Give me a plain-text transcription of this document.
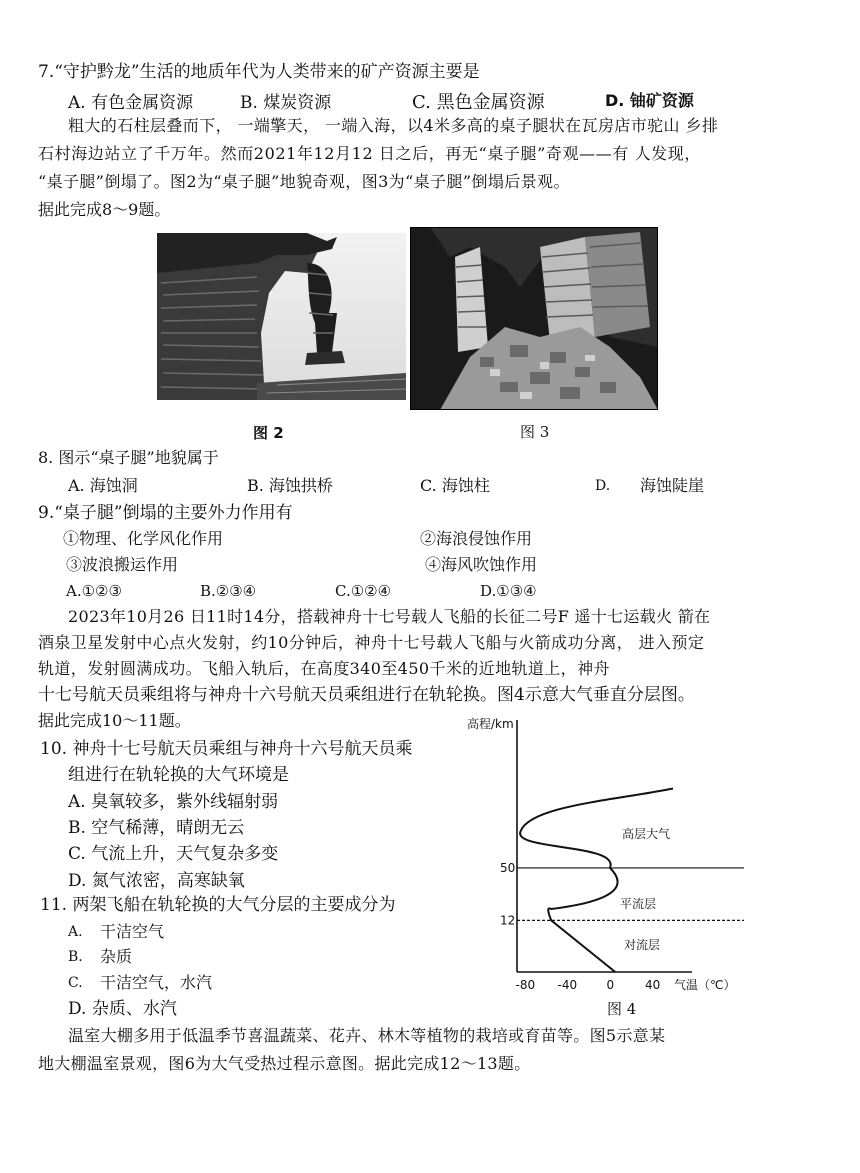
7.“守护黔龙”生活的地质年代为人类带来的矿产资源主要是
A. 有色金属资源	B. 煤炭资源	C. 黑色金属资源	D. 铀矿资源
粗大的石柱层叠而下， 一端擎天， 一端入海，以4米多高的桌子腿状在瓦房店市驼山 乡排
石村海边站立了千万年。然而2021年12月12 日之后，再无“桌子腿”奇观——有 人发现，
“桌子腿”倒塌了。图2为“桌子腿”地貌奇观，图3为“桌子腿”倒塌后景观。
据此完成8～9题。
图 2	图 3
8. 图示“桌子腿”地貌属于
A. 海蚀洞	B. 海蚀拱桥	C. 海蚀柱	D. 海蚀陡崖
9.“桌子腿”倒塌的主要外力作用有
①物理、化学风化作用	②海浪侵蚀作用
③波浪搬运作用	④海风吹蚀作用
A.①②③	B.②③④	C.①②④	D.①③④
2023年10月26 日11时14分，搭载神舟十七号载人飞船的长征二号F 遥十七运载火 箭在
酒泉卫星发射中心点火发射，约10分钟后，神舟十七号载人飞船与火箭成功分离， 进入预定
轨道，发射圆满成功。飞船入轨后，在高度340至450千米的近地轨道上，神舟
十七号航天员乘组将与神舟十六号航天员乘组进行在轨轮换。图4示意大气垂直分层图。
据此完成10～11题。
10. 神舟十七号航天员乘组与神舟十六号航天员乘
组进行在轨轮换的大气环境是
A. 臭氧较多，紫外线辐射弱
B. 空气稀薄，晴朗无云
C. 气流上升，天气复杂多变
D. 氮气浓密，高寒缺氧
11. 两架飞船在轨轮换的大气分层的主要成分为
A. 干洁空气
B. 杂质
C. 干洁空气，水汽
D. 杂质、水汽
高程/km
-80 -40 0	40
12
50
气温（℃）
对流层
平流层
高层大气
图 4
温室大棚多用于低温季节喜温蔬菜、花卉、林木等植物的栽培或育苗等。图5示意某
地大棚温室景观，图6为大气受热过程示意图。据此完成12～13题。
